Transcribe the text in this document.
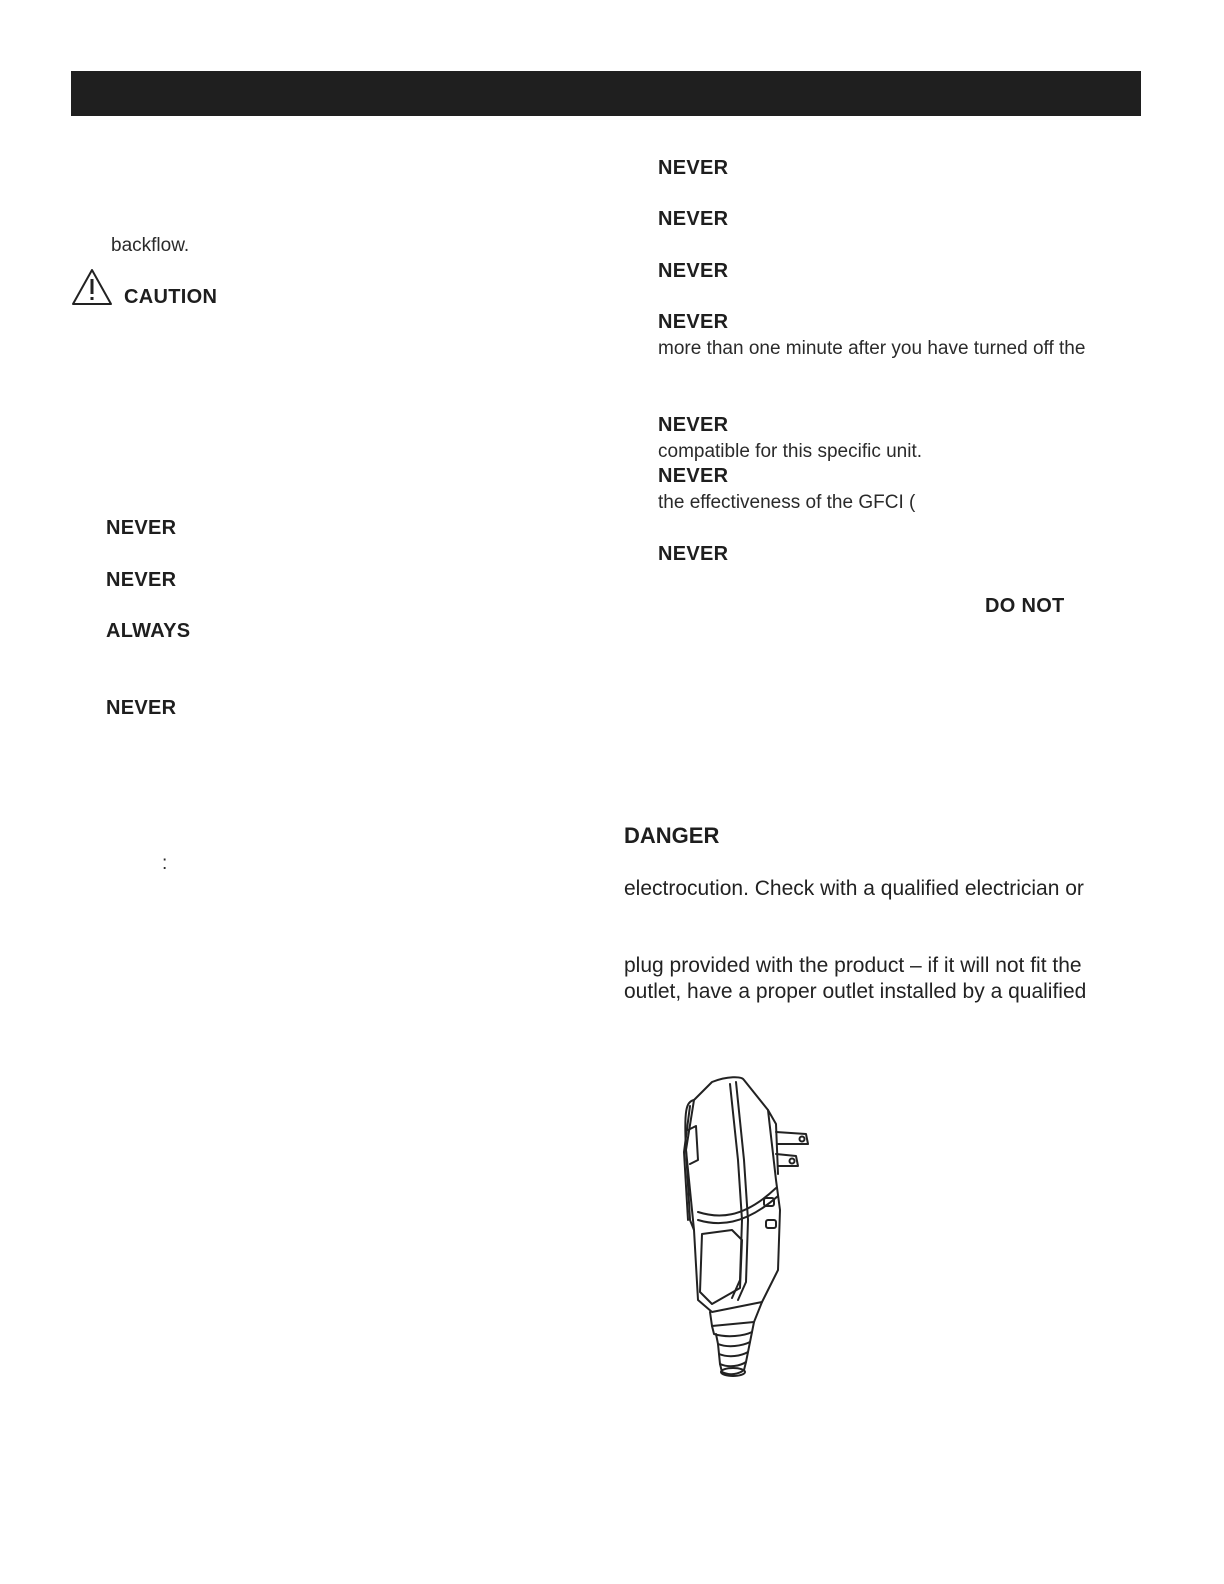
backflow.
CAUTION
NEVER
NEVER
ALWAYS
NEVER
:
NEVER
NEVER
NEVER
NEVER
more than one minute after you have turned off the
NEVER
compatible for this specific unit.
NEVER
the effectiveness of the GFCI (
NEVER
DO NOT
DANGER
electrocution. Check with a qualified electrician or
plug provided with the product – if it will not fit the
outlet, have a proper outlet installed by a qualified
